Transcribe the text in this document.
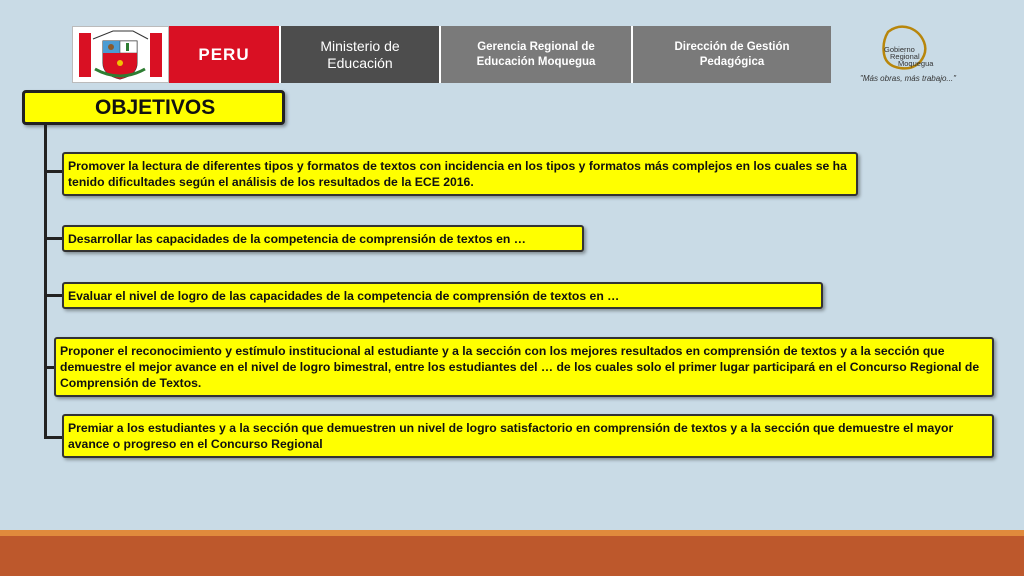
PERU	Ministerio de
Educación
Gerencia Regional de
Educación Moquegua
Dirección de Gestión
Pedagógica
Gobierno
Regional
Moquegua
"Más obras, más trabajo..."
OBJETIVOS
Promover la lectura de diferentes tipos y formatos de textos con incidencia en los tipos y formatos más complejos en los cuales se ha tenido dificultades según el análisis de los resultados de la ECE 2016.
Desarrollar las capacidades de la competencia de comprensión de textos en …
Evaluar el nivel de logro de las capacidades de la competencia de comprensión de textos en …
Proponer el reconocimiento y estímulo institucional al estudiante y a la sección con los mejores resultados en comprensión de textos y a la sección que demuestre el mejor avance en el nivel de logro bimestral, entre los estudiantes del … de los cuales solo el primer lugar participará en el Concurso Regional de Comprensión de Textos.
Premiar a los estudiantes y a la sección que demuestren un nivel de logro satisfactorio en comprensión de textos y a la sección que demuestre el mayor avance o progreso en el Concurso Regional
